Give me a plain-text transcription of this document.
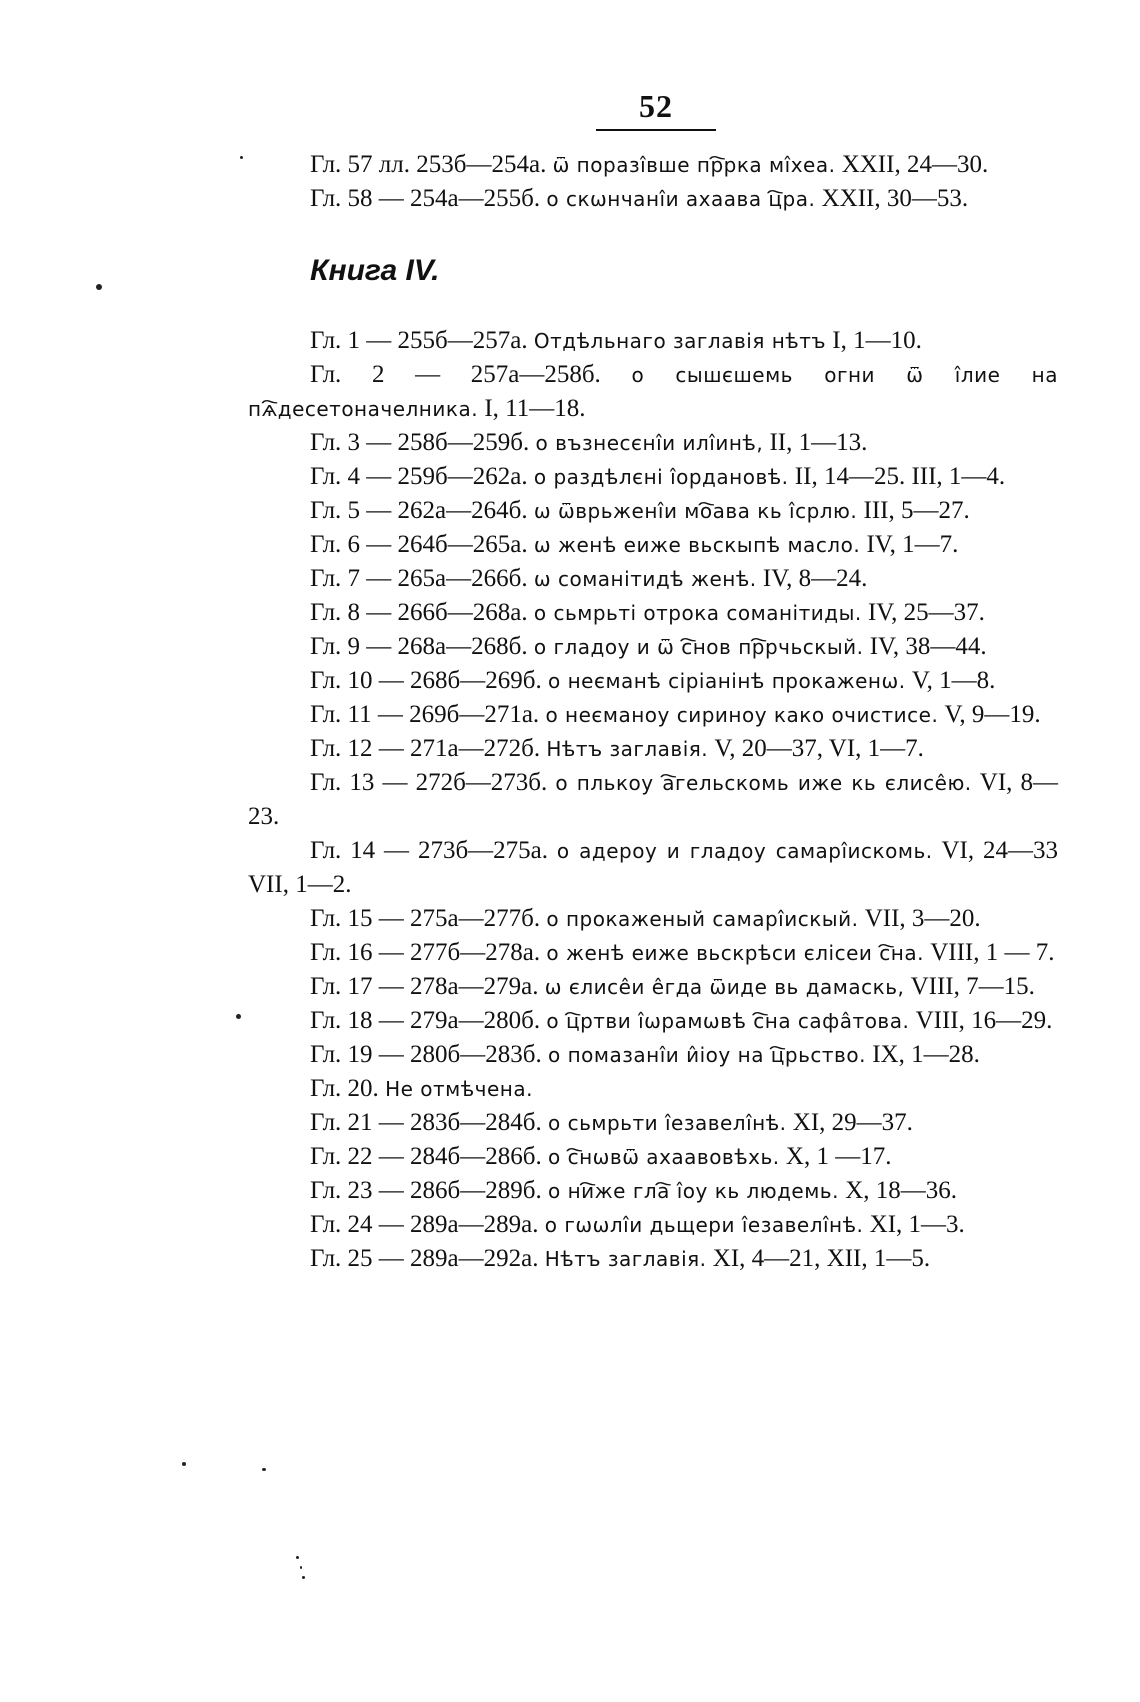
52
Гл. 57 лл. 253б—254а. ѿ поразі̂вше пр҇рка мі̂хеа. XXII, 24—30.
Гл. 58 — 254а—255б. о скѡнчані̂и ахаава ц҇ра. XXII, 30—53.
Книга IV.
Гл. 1 — 255б—257а. Отдѣльнаго заглавія нѣтъ I, 1—10.
Гл. 2 — 257а—258б. о сышєшемь огни ѿ і̂лие на пѧ҇десетоначелника. I, 11—18.
Гл. 3 — 258б—259б. о възнесєні̂и илі̂инѣ, II, 1—13.
Гл. 4 — 259б—262а. о раздѣлєні і̂ордановѣ. II, 14—25. III, 1—4.
Гл. 5 — 262а—264б. ѡ ѿврьжені̂и мо҇ава кь і̂срлю. III, 5—27.
Гл. 6 — 264б—265а. ѡ женѣ еиже вьскыпѣ масло. IV, 1—7.
Гл. 7 — 265а—266б. ѡ соманітидѣ женѣ. IV, 8—24.
Гл. 8 — 266б—268а. о сьмрьті отрока соманітиды. IV, 25—37.
Гл. 9 — 268а—268б. о гладоу и ѿ с҇нов пр҇рчьскый. IV, 38—44.
Гл. 10 — 268б—269б. о неєманѣ сіріанінѣ прокаженѡ. V, 1—8.
Гл. 11 — 269б—271а. о неєманоу сириноу како очистисе. V, 9—19.
Гл. 12 — 271а—272б. Нѣтъ заглавія. V, 20—37, VI, 1—7.
Гл. 13 — 272б—273б. о плькоу а҇гельскомь иже кь єлисе̂ю. VI, 8—23.
Гл. 14 — 273б—275а. о адероу и гладоу самарі̂искомь. VI, 24—33 VII, 1—2.
Гл. 15 — 275а—277б. о прокаженый самарі̂искый. VII, 3—20.
Гл. 16 — 277б—278а. о женѣ еиже вьскрѣси єлісеи с҇на. VIII, 1 — 7.
Гл. 17 — 278а—279а. ѡ єлисе̂и е̂гда ѿиде вь дамаскь, VIII, 7—15.
Гл. 18 — 279а—280б. о ц҇ртви і̂ѡрамѡвѣ с҇на сафа̂това. VIII, 16—29.
Гл. 19 — 280б—283б. о помазані̂и и̂іоу на ц҇рьство. IX, 1—28.
Гл. 20. Не отмѣчена.
Гл. 21 — 283б—284б. о сьмрьти і̂езавелі̂нѣ. XI, 29—37.
Гл. 22 — 284б—286б. о с҇нѡвѿ ахаавовѣхь. X, 1 —17.
Гл. 23 — 286б—289б. о ни҇же гла҇ і̂оу кь людемь. X, 18—36.
Гл. 24 — 289а—289а. о гѡѡлі̂и дьщери і̂езавелі̂нѣ. XI, 1—3.
Гл. 25 — 289а—292а. Нѣтъ заглавія. XI, 4—21, XII, 1—5.
